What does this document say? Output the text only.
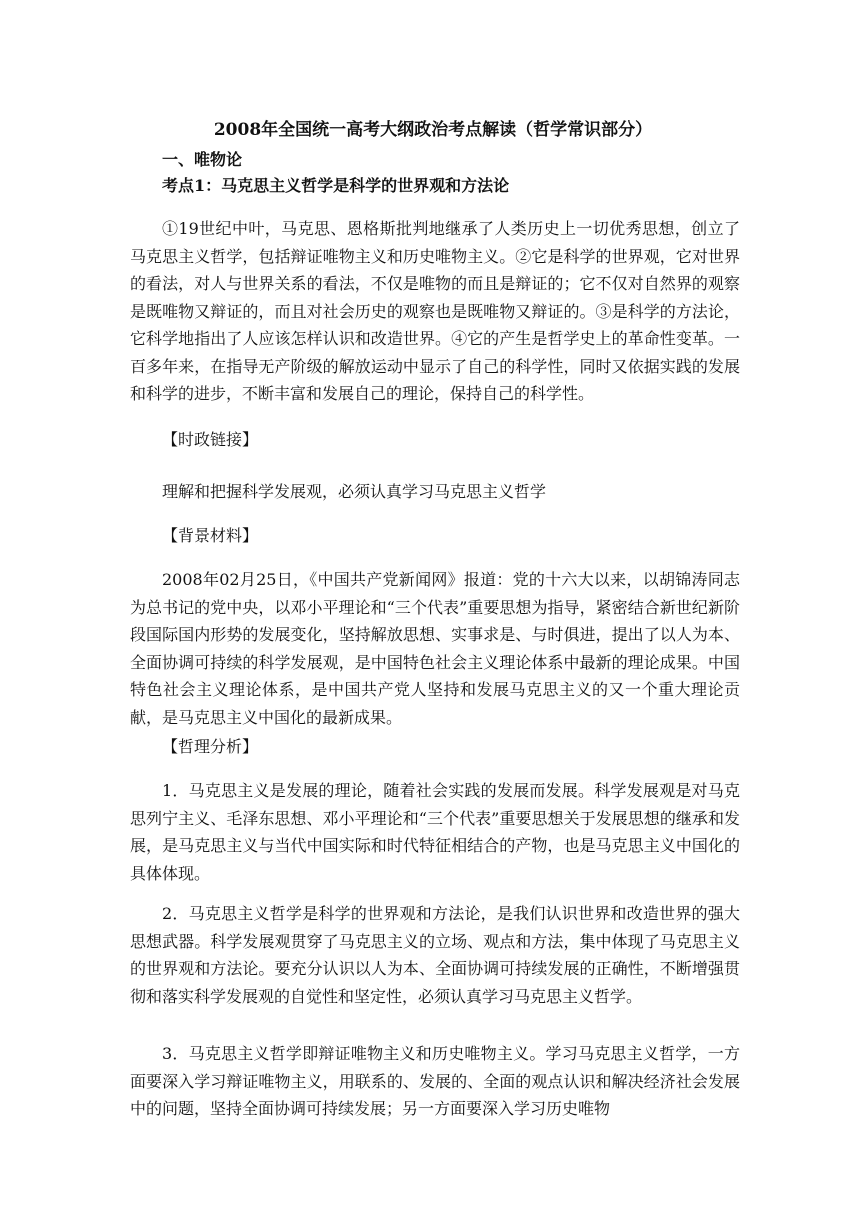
2008年全国统一高考大纲政治考点解读（哲学常识部分）
一、唯物论
考点1：马克思主义哲学是科学的世界观和方法论

①19世纪中叶，马克思、恩格斯批判地继承了人类历史上一切优秀思想，创立了马克思主义哲学，包括辩证唯物主义和历史唯物主义。②它是科学的世界观，它对世界的看法，对人与世界关系的看法，不仅是唯物的而且是辩证的；它不仅对自然界的观察是既唯物又辩证的，而且对社会历史的观察也是既唯物又辩证的。③是科学的方法论，它科学地指出了人应该怎样认识和改造世界。④它的产生是哲学史上的革命性变革。一百多年来，在指导无产阶级的解放运动中显示了自己的科学性，同时又依据实践的发展和科学的进步，不断丰富和发展自己的理论，保持自己的科学性。

【时政链接】
理解和把握科学发展观，必须认真学习马克思主义哲学
【背景材料】

2008年02月25日，《中国共产党新闻网》报道：党的十六大以来，以胡锦涛同志为总书记的党中央，以邓小平理论和“三个代表”重要思想为指导，紧密结合新世纪新阶段国际国内形势的发展变化，坚持解放思想、实事求是、与时俱进，提出了以人为本、全面协调可持续的科学发展观，是中国特色社会主义理论体系中最新的理论成果。中国特色社会主义理论体系，是中国共产党人坚持和发展马克思主义的又一个重大理论贡献，是马克思主义中国化的最新成果。

【哲理分析】

1．马克思主义是发展的理论，随着社会实践的发展而发展。科学发展观是对马克思列宁主义、毛泽东思想、邓小平理论和“三个代表”重要思想关于发展思想的继承和发展，是马克思主义与当代中国实际和时代特征相结合的产物，也是马克思主义中国化的具体体现。

2．马克思主义哲学是科学的世界观和方法论，是我们认识世界和改造世界的强大思想武器。科学发展观贯穿了马克思主义的立场、观点和方法，集中体现了马克思主义的世界观和方法论。要充分认识以人为本、全面协调可持续发展的正确性，不断增强贯彻和落实科学发展观的自觉性和坚定性，必须认真学习马克思主义哲学。

3．马克思主义哲学即辩证唯物主义和历史唯物主义。学习马克思主义哲学，一方面要深入学习辩证唯物主义，用联系的、发展的、全面的观点认识和解决经济社会发展中的问题，坚持全面协调可持续发展；另一方面要深入学习历史唯物
